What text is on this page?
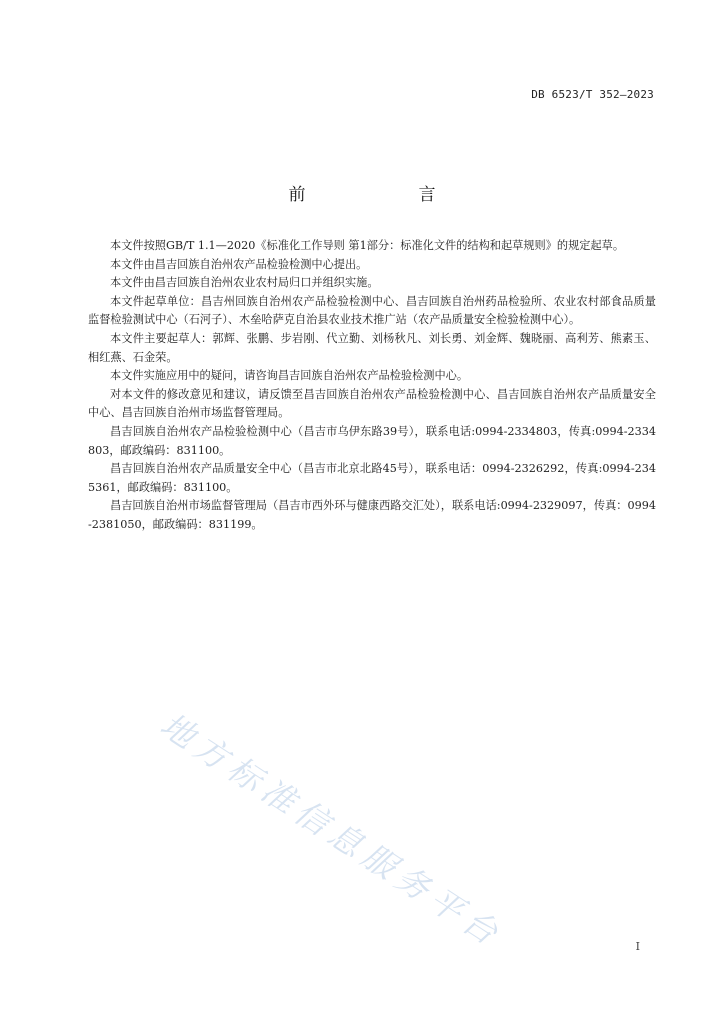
DB 6523/T 352—2023
前　言

本文件按照GB/T 1.1—2020《标准化工作导则 第1部分：标准化文件的结构和起草规则》的规定起草。

本文件由昌吉回族自治州农产品检验检测中心提出。

本文件由昌吉回族自治州农业农村局归口并组织实施。

本文件起草单位：昌吉州回族自治州农产品检验检测中心、昌吉回族自治州药品检验所、农业农村部食品质量监督检验测试中心（石河子）、木垒哈萨克自治县农业技术推广站（农产品质量安全检验检测中心）。

本文件主要起草人：郭辉、张鹏、步岩刚、代立勤、刘杨秋凡、刘长勇、刘金辉、魏晓丽、高利芳、熊素玉、相红燕、石金荣。

本文件实施应用中的疑问，请咨询昌吉回族自治州农产品检验检测中心。

对本文件的修改意见和建议，请反馈至昌吉回族自治州农产品检验检测中心、昌吉回族自治州农产品质量安全中心、昌吉回族自治州市场监督管理局。

昌吉回族自治州农产品检验检测中心（昌吉市乌伊东路39号），联系电话:0994-2334803，传真:0994-2334803，邮政编码：831100。

昌吉回族自治州农产品质量安全中心（昌吉市北京北路45号），联系电话：0994-2326292，传真:0994-2345361，邮政编码：831100。

昌吉回族自治州市场监督管理局（昌吉市西外环与健康西路交汇处），联系电话:0994-2329097，传真：0994-2381050，邮政编码：831199。

地方标准信息服务平台	I
